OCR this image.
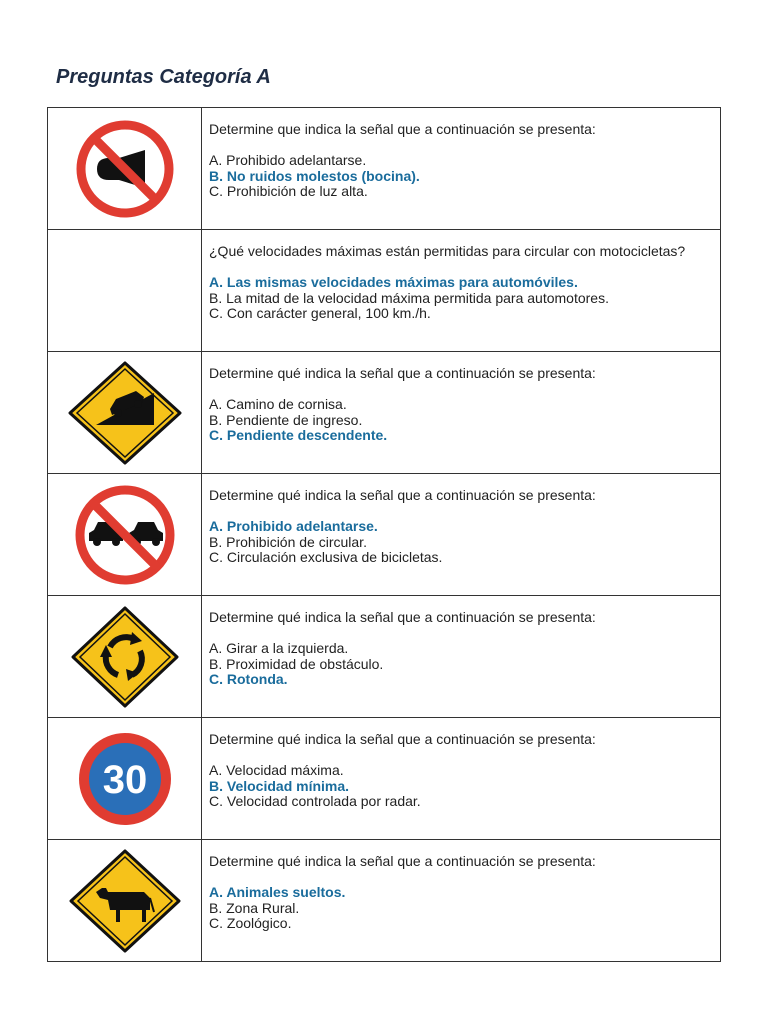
Preguntas Categoría A

Determine que indica la señal que a continuación se presenta:

A. Prohibido adelantarse.

B. No ruidos molestos (bocina).

C. Prohibición de luz alta.

	¿Qué velocidades máximas están permitidas para circular con motocicletas?

A. Las mismas velocidades máximas para automóviles.

B. La mitad de la velocidad máxima permitida para automotores.

C. Con carácter general, 100 km./h.

Determine qué indica la señal que a continuación se presenta:

A. Camino de cornisa.

B. Pendiente de ingreso.

C. Pendiente descendente.

Determine qué indica la señal que a continuación se presenta:

A. Prohibido adelantarse.

B. Prohibición de circular.

C. Circulación exclusiva de bicicletas.

Determine qué indica la señal que a continuación se presenta:

A. Girar a la izquierda.

B. Proximidad de obstáculo.

C. Rotonda.

30	Determine qué indica la señal que a continuación se presenta:

A. Velocidad máxima.

B. Velocidad mínima.

C. Velocidad controlada por radar.

Determine qué indica la señal que a continuación se presenta:

A. Animales sueltos.

B. Zona Rural.

C. Zoológico.
